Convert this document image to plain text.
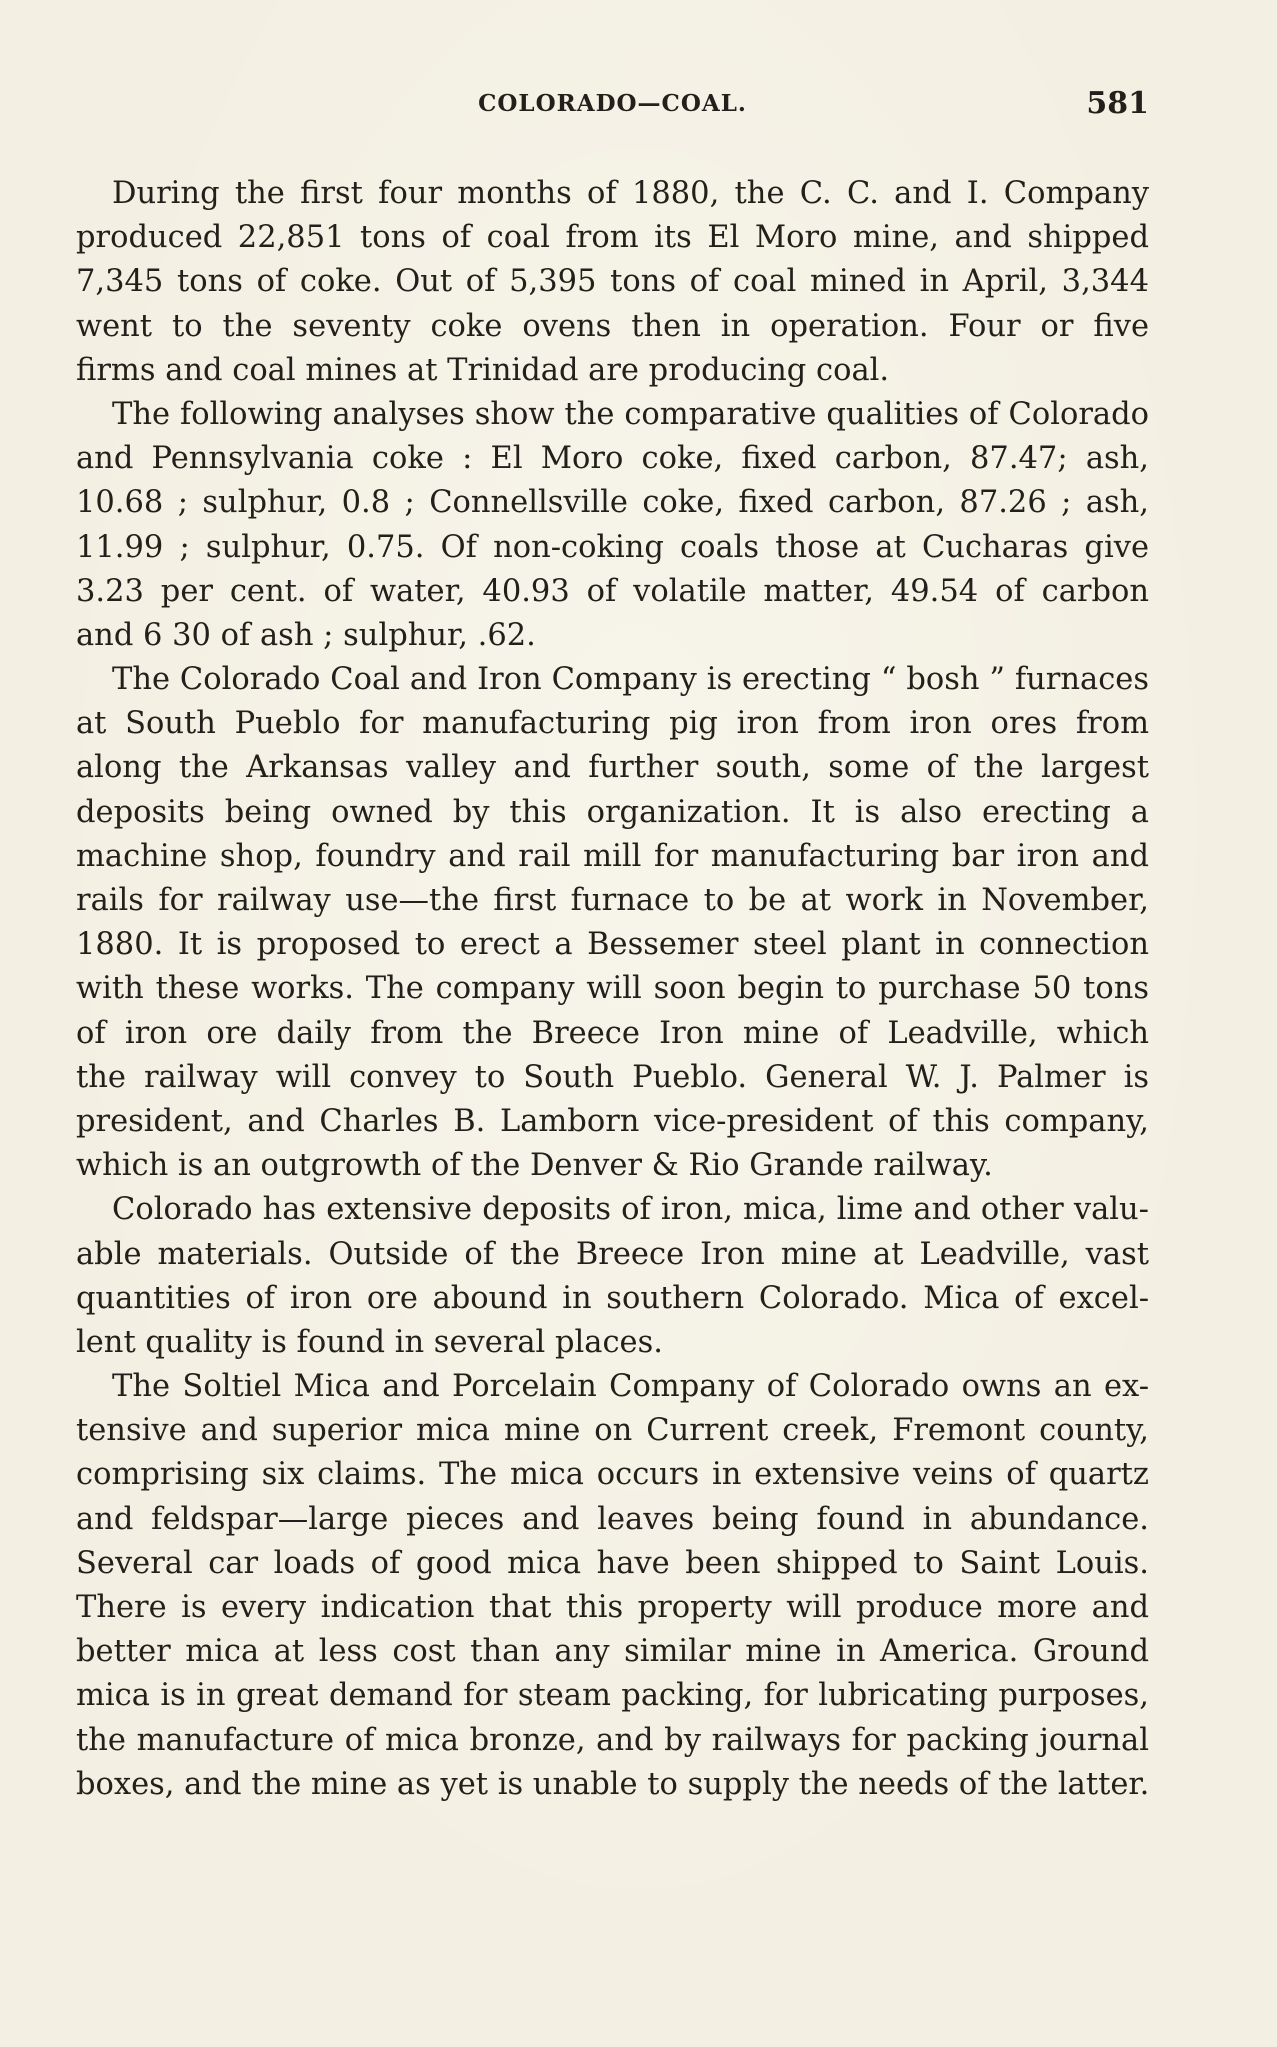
COLORADO—COAL.	581
During the first four months of 1880, the C. C. and I. Company
produced 22,851 tons of coal from its El Moro mine, and shipped
7,345 tons of coke. Out of 5,395 tons of coal mined in April, 3,344
went to the seventy coke ovens then in operation. Four or five
firms and coal mines at Trinidad are producing coal.
The following analyses show the comparative qualities of Colorado
and Pennsylvania coke : El Moro coke, fixed carbon, 87.47; ash,
10.68 ; sulphur, 0.8 ; Connellsville coke, fixed carbon, 87.26 ; ash,
11.99 ; sulphur, 0.75. Of non-coking coals those at Cucharas give
3.23 per cent. of water, 40.93 of volatile matter, 49.54 of carbon
and 6 30 of ash ; sulphur, .62.
The Colorado Coal and Iron Company is erecting “ bosh ” furnaces
at South Pueblo for manufacturing pig iron from iron ores from
along the Arkansas valley and further south, some of the largest
deposits being owned by this organization. It is also erecting a
machine shop, foundry and rail mill for manufacturing bar iron and
rails for railway use—the first furnace to be at work in November,
1880. It is proposed to erect a Bessemer steel plant in connection
with these works. The company will soon begin to purchase 50 tons
of iron ore daily from the Breece Iron mine of Leadville, which
the railway will convey to South Pueblo. General W. J. Palmer is
president, and Charles B. Lamborn vice-president of this company,
which is an outgrowth of the Denver & Rio Grande railway.
Colorado has extensive deposits of iron, mica, lime and other valu-
able materials. Outside of the Breece Iron mine at Leadville, vast
quantities of iron ore abound in southern Colorado. Mica of excel-
lent quality is found in several places.
The Soltiel Mica and Porcelain Company of Colorado owns an ex-
tensive and superior mica mine on Current creek, Fremont county,
comprising six claims. The mica occurs in extensive veins of quartz
and feldspar—large pieces and leaves being found in abundance.
Several car loads of good mica have been shipped to Saint Louis.
There is every indication that this property will produce more and
better mica at less cost than any similar mine in America. Ground
mica is in great demand for steam packing, for lubricating purposes,
the manufacture of mica bronze, and by railways for packing journal
boxes, and the mine as yet is unable to supply the needs of the latter.
